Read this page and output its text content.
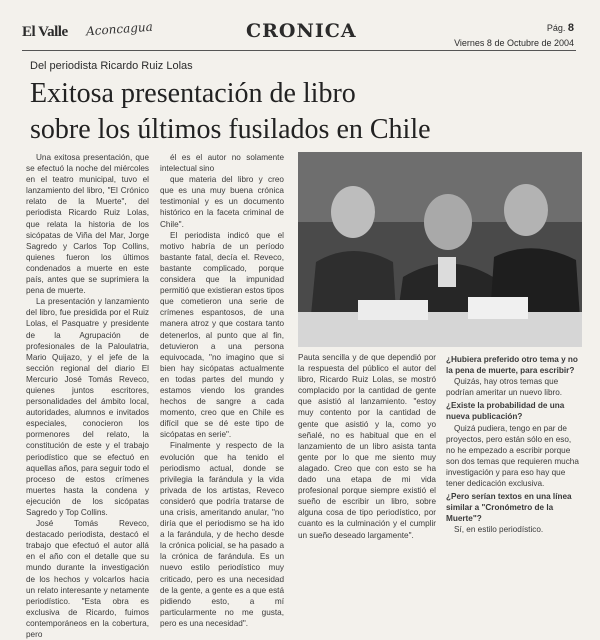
El Valle Aconcagua	CRONICA	Pág. 8
Viernes 8 de Octubre de 2004
Del periodista Ricardo Ruiz Lolas
Exitosa presentación de libro
sobre los últimos fusilados en Chile

Una exitosa presentación, que se efectuó la noche del miércoles en el teatro municipal, tuvo el lanzamiento del libro, "El Crónico relato de la Muerte", del periodista Ricardo Ruiz Lolas, que relata la historia de los sicópatas de Viña del Mar, Jorge Sagredo y Carlos Top Collins, quienes fueron los últimos condenados a muerte en este país, antes que se suprimiera la pena de muerte.

La presentación y lanzamiento del libro, fue presidida por el Ruiz Lolas, el Pasquatre y presidente de la Agrupación de profesionales de la Paloulatria, Mario Quijazo, y el jefe de la sección regional del diario El Mercurio José Tomás Reveco, quienes juntos escritores, personalidades del ámbito local, autoridades, alumnos e invitados especiales, conocieron los pormenores del relato, la constitución de este y el trabajo periodístico que se efectuó en aquellas años, para seguir todo el proceso de estos crímenes muertes hasta la condena y ejecución de los sicópatas Sagredo y Top Collins.

José Tomás Reveco, destacado periodista, destacó el trabajo que efectuó el autor allá en el año con el detalle que su mundo durante la investigación de los hechos y volcarlos hacia un relato interesante y netamente periodístico. "Esta obra es exclusiva de Ricardo, fuimos contemporáneos en la cobertura, pero

él es el autor no solamente intelectual sino

que materia del libro y creo que es una muy buena crónica testimonial y es un documento histórico en la faceta criminal de Chile".

El periodista indicó que el motivo habría de un período bastante fatal, decía el. Reveco, bastante complicado, porque considera que la impunidad permitió que existieran estos tipos que cometieron una serie de crímenes espantosos, de una manera atroz y que costara tanto detenerlos, al punto que al fin, detuvieron a una persona equivocada, "no imagino que si bien hay sicópatas actualmente en todas partes del mundo y estamos viendo los grandes hechos de sangre a cada momento, creo que en Chile es difícil que se dé este tipo de sicópatas en serie".

Finalmente y respecto de la evolución que ha tenido el periodismo actual, donde se privilegia la farándula y la vida privada de los artistas, Reveco consideró que podría tratarse de una crisis, ameritando anular, "no diría que el periodismo se ha ido a la farándula, y de hecho desde la crónica policial, se ha pasado a la crónica de farándula. Es un nuevo estilo periodístico muy criticado, pero es una necesidad de la gente, a gente es a que está pidiendo esto, a mí particularmente no me gusta, pero es una necesidad".

Pauta sencilla y de que dependió por la respuesta del público el autor del libro, Ricardo Ruiz Lolas, se mostró complacido por la cantidad de gente que asistió al lanzamiento. "estoy muy contento por la cantidad de gente que asistió y la, como yo señalé, no es habitual que en el lanzamiento de un libro asista tanta gente por lo que me siento muy alagado. Creo que con esto se ha dado una etapa de mi vida profesional porque siempre existió el sueño de escribir un libro, sobre alguna cosa de tipo periodístico, por cuanto es la culminación y el cumplir un sueño deseado largamente".
¿Hubiera preferido otro tema y no la pena de muerte, para escribir?
Quizás, hay otros temas que podrían ameritar un nuevo libro.
¿Existe la probabilidad de una nueva publicación?
Quizá pudiera, tengo en par de proyectos, pero están sólo en eso, no he empezado a escribir porque son dos temas que requieren mucha investigación y para eso hay que tener dedicación exclusiva.
¿Pero serían textos en una línea similar a "Cronómetro de la Muerte"?
Sí, en estilo periodístico.
